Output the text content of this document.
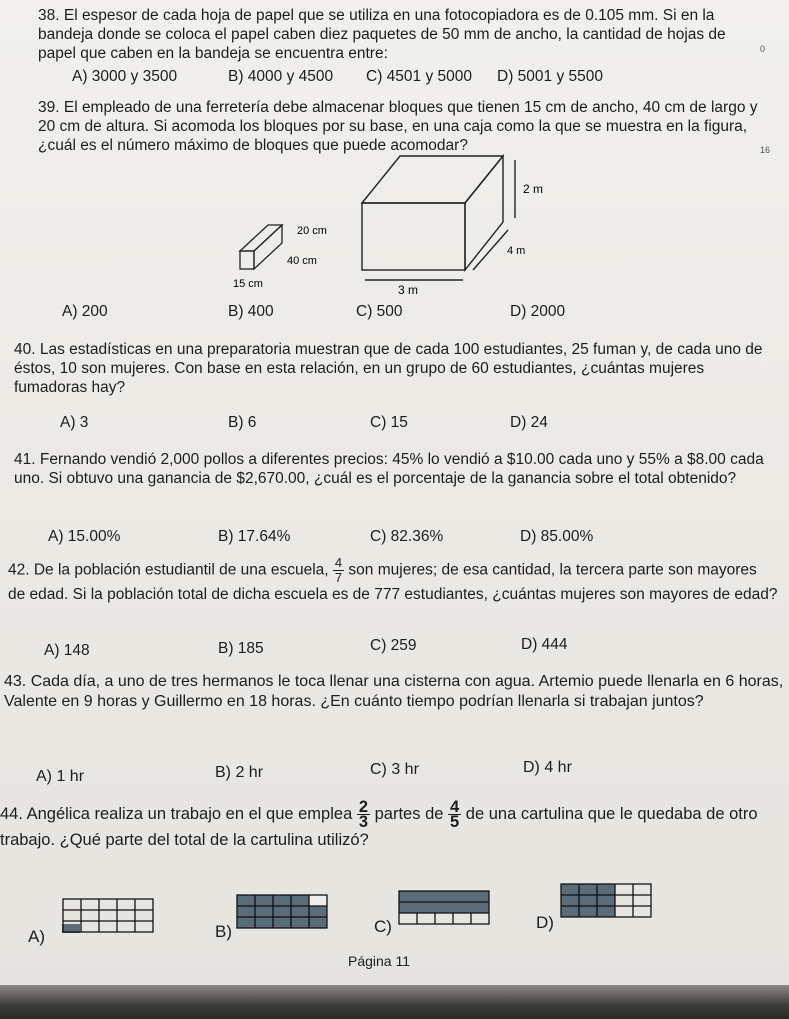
38. El espesor de cada hoja de papel que se utiliza en una fotocopiadora es de 0.105 mm. Si en la bandeja donde se coloca el papel caben diez paquetes de 50 mm de ancho, la cantidad de hojas de papel que caben en la bandeja se encuentra entre:
A) 3000 y 3500	B) 4000 y 4500 C) 4501 y 5000 D) 5001 y 5500
39. El empleado de una ferretería debe almacenar bloques que tienen 15 cm de ancho, 40 cm de largo y 20 cm de altura. Si acomoda los bloques por su base, en una caja como la que se muestra en la figura, ¿cuál es el número máximo de bloques que puede acomodar?
20 cm
40 cm
15 cm
2 m
4 m
3 m
A) 200	B) 400	C) 500	D) 2000
40. Las estadísticas en una preparatoria muestran que de cada 100 estudiantes, 25 fuman y, de cada uno de éstos, 10 son mujeres. Con base en esta relación, en un grupo de 60 estudiantes, ¿cuántas mujeres fumadoras hay?
A) 3	B) 6	C) 15	D) 24
41. Fernando vendió 2,000 pollos a diferentes precios: 45% lo vendió a $10.00 cada uno y 55% a $8.00 cada uno. Si obtuvo una ganancia de $2,670.00, ¿cuál es el porcentaje de la ganancia sobre el total obtenido?
A) 15.00%	B) 17.64%	C) 82.36%	D) 85.00%
42. De la población estudiantil de una escuela, $\frac{4}{7}$ son mujeres; de esa cantidad, la tercera parte son mayores de edad. Si la población total de dicha escuela es de 777 estudiantes, ¿cuántas mujeres son mayores de edad?
A) 148	B) 185	C) 259	D) 444
43. Cada día, a uno de tres hermanos le toca llenar una cisterna con agua. Artemio puede llenarla en 6 horas, Valente en 9 horas y Guillermo en 18 horas. ¿En cuánto tiempo podrían llenarla si trabajan juntos?
A) 1 hr	B) 2 hr	C) 3 hr	D) 4 hr
44. Angélica realiza un trabajo en el que emplea $\frac{2}{3}$ partes de $\frac{4}{5}$ de una cartulina que le quedaba de otro trabajo. ¿Qué parte del total de la cartulina utilizó?
A)	B)	C)	D)
Página 11
0
16
